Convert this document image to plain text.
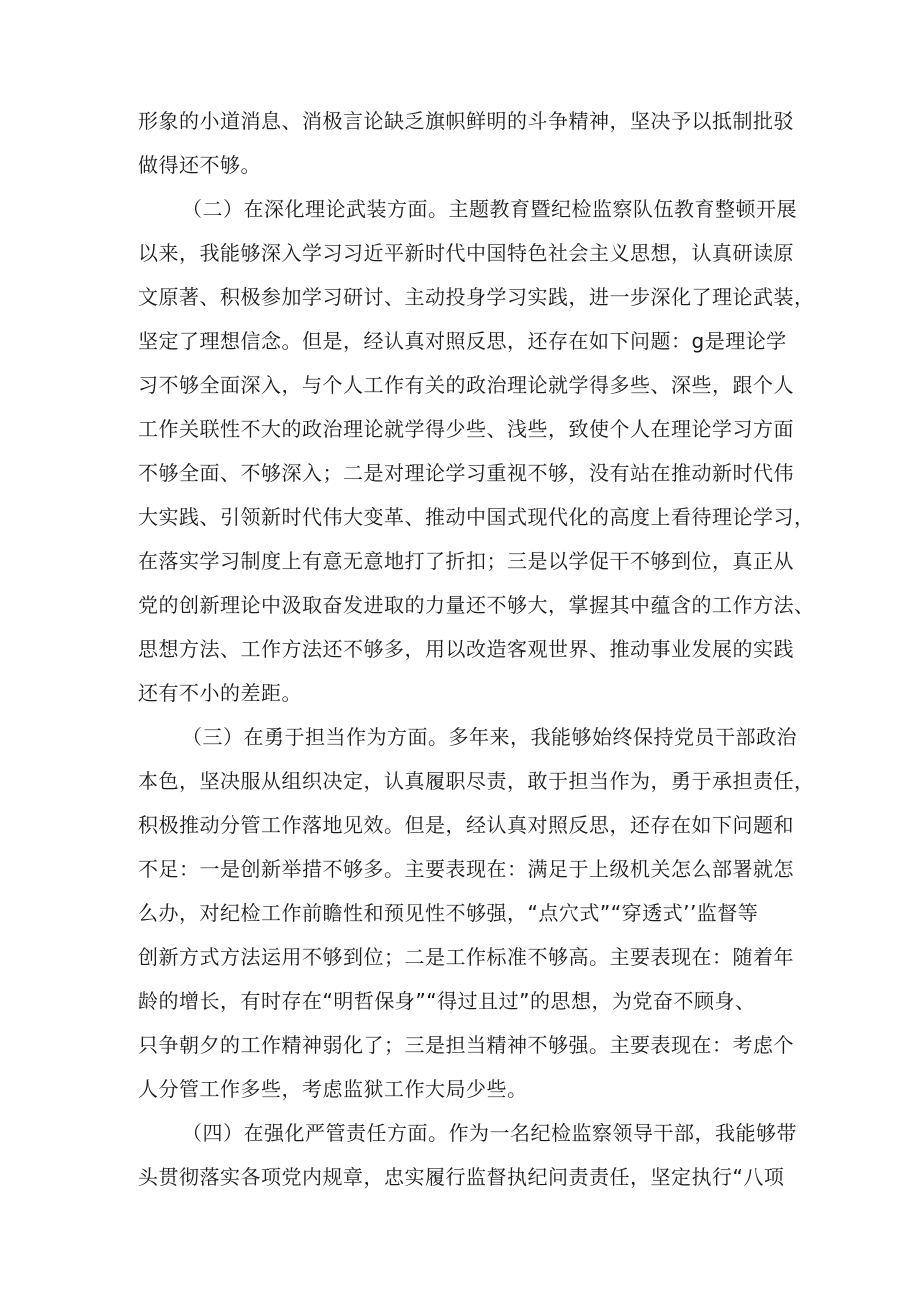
形象的小道消息、消极言论缺乏旗帜鲜明的斗争精神，坚决予以抵制批驳
做得还不够。
（二）在深化理论武装方面。主题教育暨纪检监察队伍教育整顿开展
以来，我能够深入学习习近平新时代中国特色社会主义思想，认真研读原
文原著、积极参加学习研讨、主动投身学习实践，进一步深化了理论武装，
坚定了理想信念。但是，经认真对照反思，还存在如下问题：g是理论学
习不够全面深入，与个人工作有关的政治理论就学得多些、深些，跟个人
工作关联性不大的政治理论就学得少些、浅些，致使个人在理论学习方面
不够全面、不够深入；二是对理论学习重视不够，没有站在推动新时代伟
大实践、引领新时代伟大变革、推动中国式现代化的高度上看待理论学习，
在落实学习制度上有意无意地打了折扣；三是以学促干不够到位，真正从
党的创新理论中汲取奋发进取的力量还不够大，掌握其中蕴含的工作方法、
思想方法、工作方法还不够多，用以改造客观世界、推动事业发展的实践
还有不小的差距。
（三）在勇于担当作为方面。多年来，我能够始终保持党员干部政治
本色，坚决服从组织决定，认真履职尽责，敢于担当作为，勇于承担责任，
积极推动分管工作落地见效。但是，经认真对照反思，还存在如下问题和
不足：一是创新举措不够多。主要表现在：满足于上级机关怎么部署就怎
么办，对纪检工作前瞻性和预见性不够强，“点穴式”“穿透式’’监督等
创新方式方法运用不够到位；二是工作标准不够高。主要表现在：随着年
龄的增长，有时存在“明哲保身”“得过且过”的思想，为党奋不顾身、
只争朝夕的工作精神弱化了；三是担当精神不够强。主要表现在：考虑个
人分管工作多些，考虑监狱工作大局少些。
（四）在强化严管责任方面。作为一名纪检监察领导干部，我能够带
头贯彻落实各项党内规章，忠实履行监督执纪问责责任，坚定执行“八项
